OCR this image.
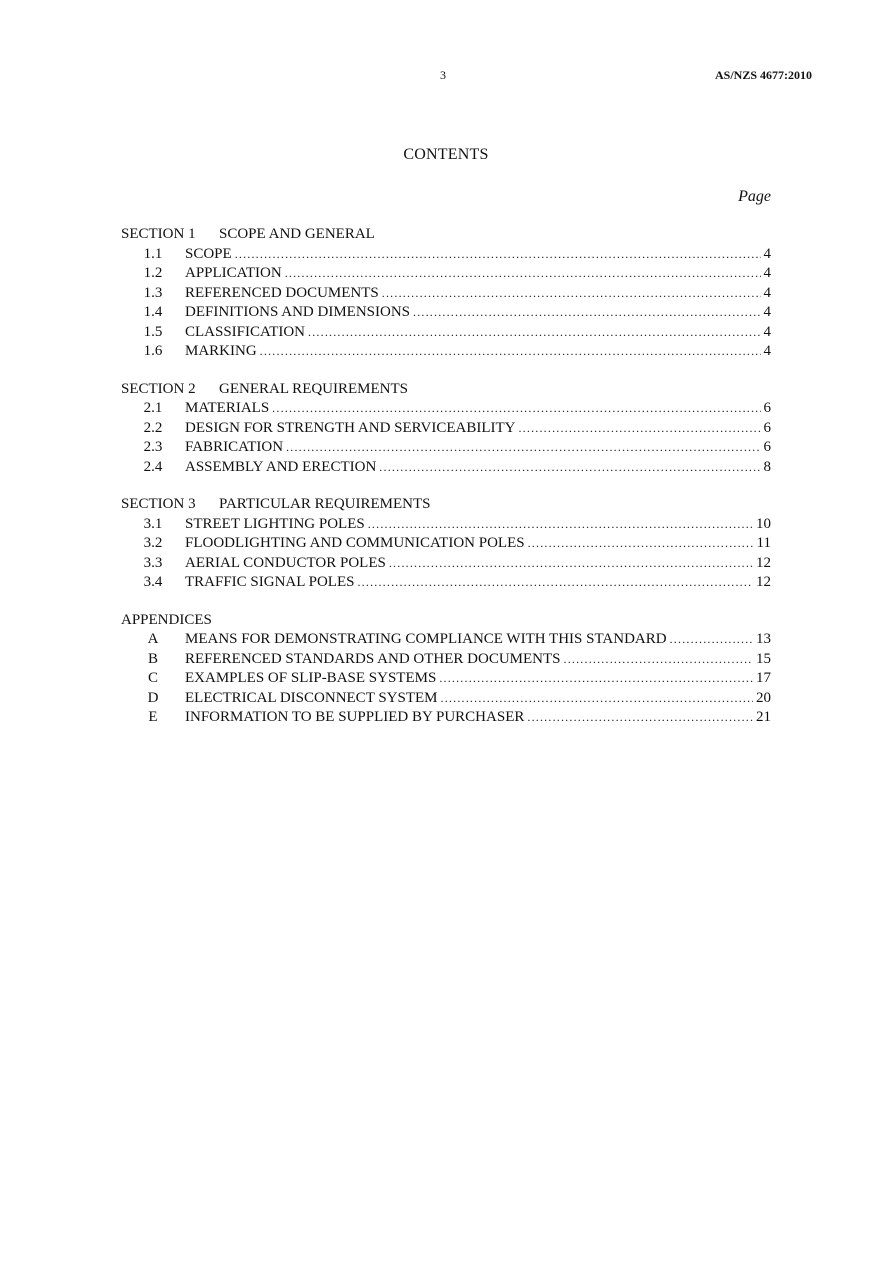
3	AS/NZS 4677:2010
CONTENTS
Page
SECTION 1 SCOPE AND GENERAL
1.1	SCOPE .....	4
1.2	APPLICATION .....	4
1.3	REFERENCED DOCUMENTS .....	4
1.4	DEFINITIONS AND DIMENSIONS .....	4
1.5	CLASSIFICATION .....	4
1.6	MARKING .....	4
SECTION 2 GENERAL REQUIREMENTS
2.1	MATERIALS .....	6
2.2	DESIGN FOR STRENGTH AND SERVICEABILITY .....	6
2.3	FABRICATION .....	6
2.4	ASSEMBLY AND ERECTION .....	8
SECTION 3 PARTICULAR REQUIREMENTS
3.1	STREET LIGHTING POLES .....	10
3.2	FLOODLIGHTING AND COMMUNICATION POLES .....	11
3.3	AERIAL CONDUCTOR POLES .....	12
3.4	TRAFFIC SIGNAL POLES .....	12
APPENDICES
A	MEANS FOR DEMONSTRATING COMPLIANCE WITH THIS STANDARD .....	13
B	REFERENCED STANDARDS AND OTHER DOCUMENTS .....	15
C	EXAMPLES OF SLIP-BASE SYSTEMS .....	17
D	ELECTRICAL DISCONNECT SYSTEM .....	20
E	INFORMATION TO BE SUPPLIED BY PURCHASER .....	21
